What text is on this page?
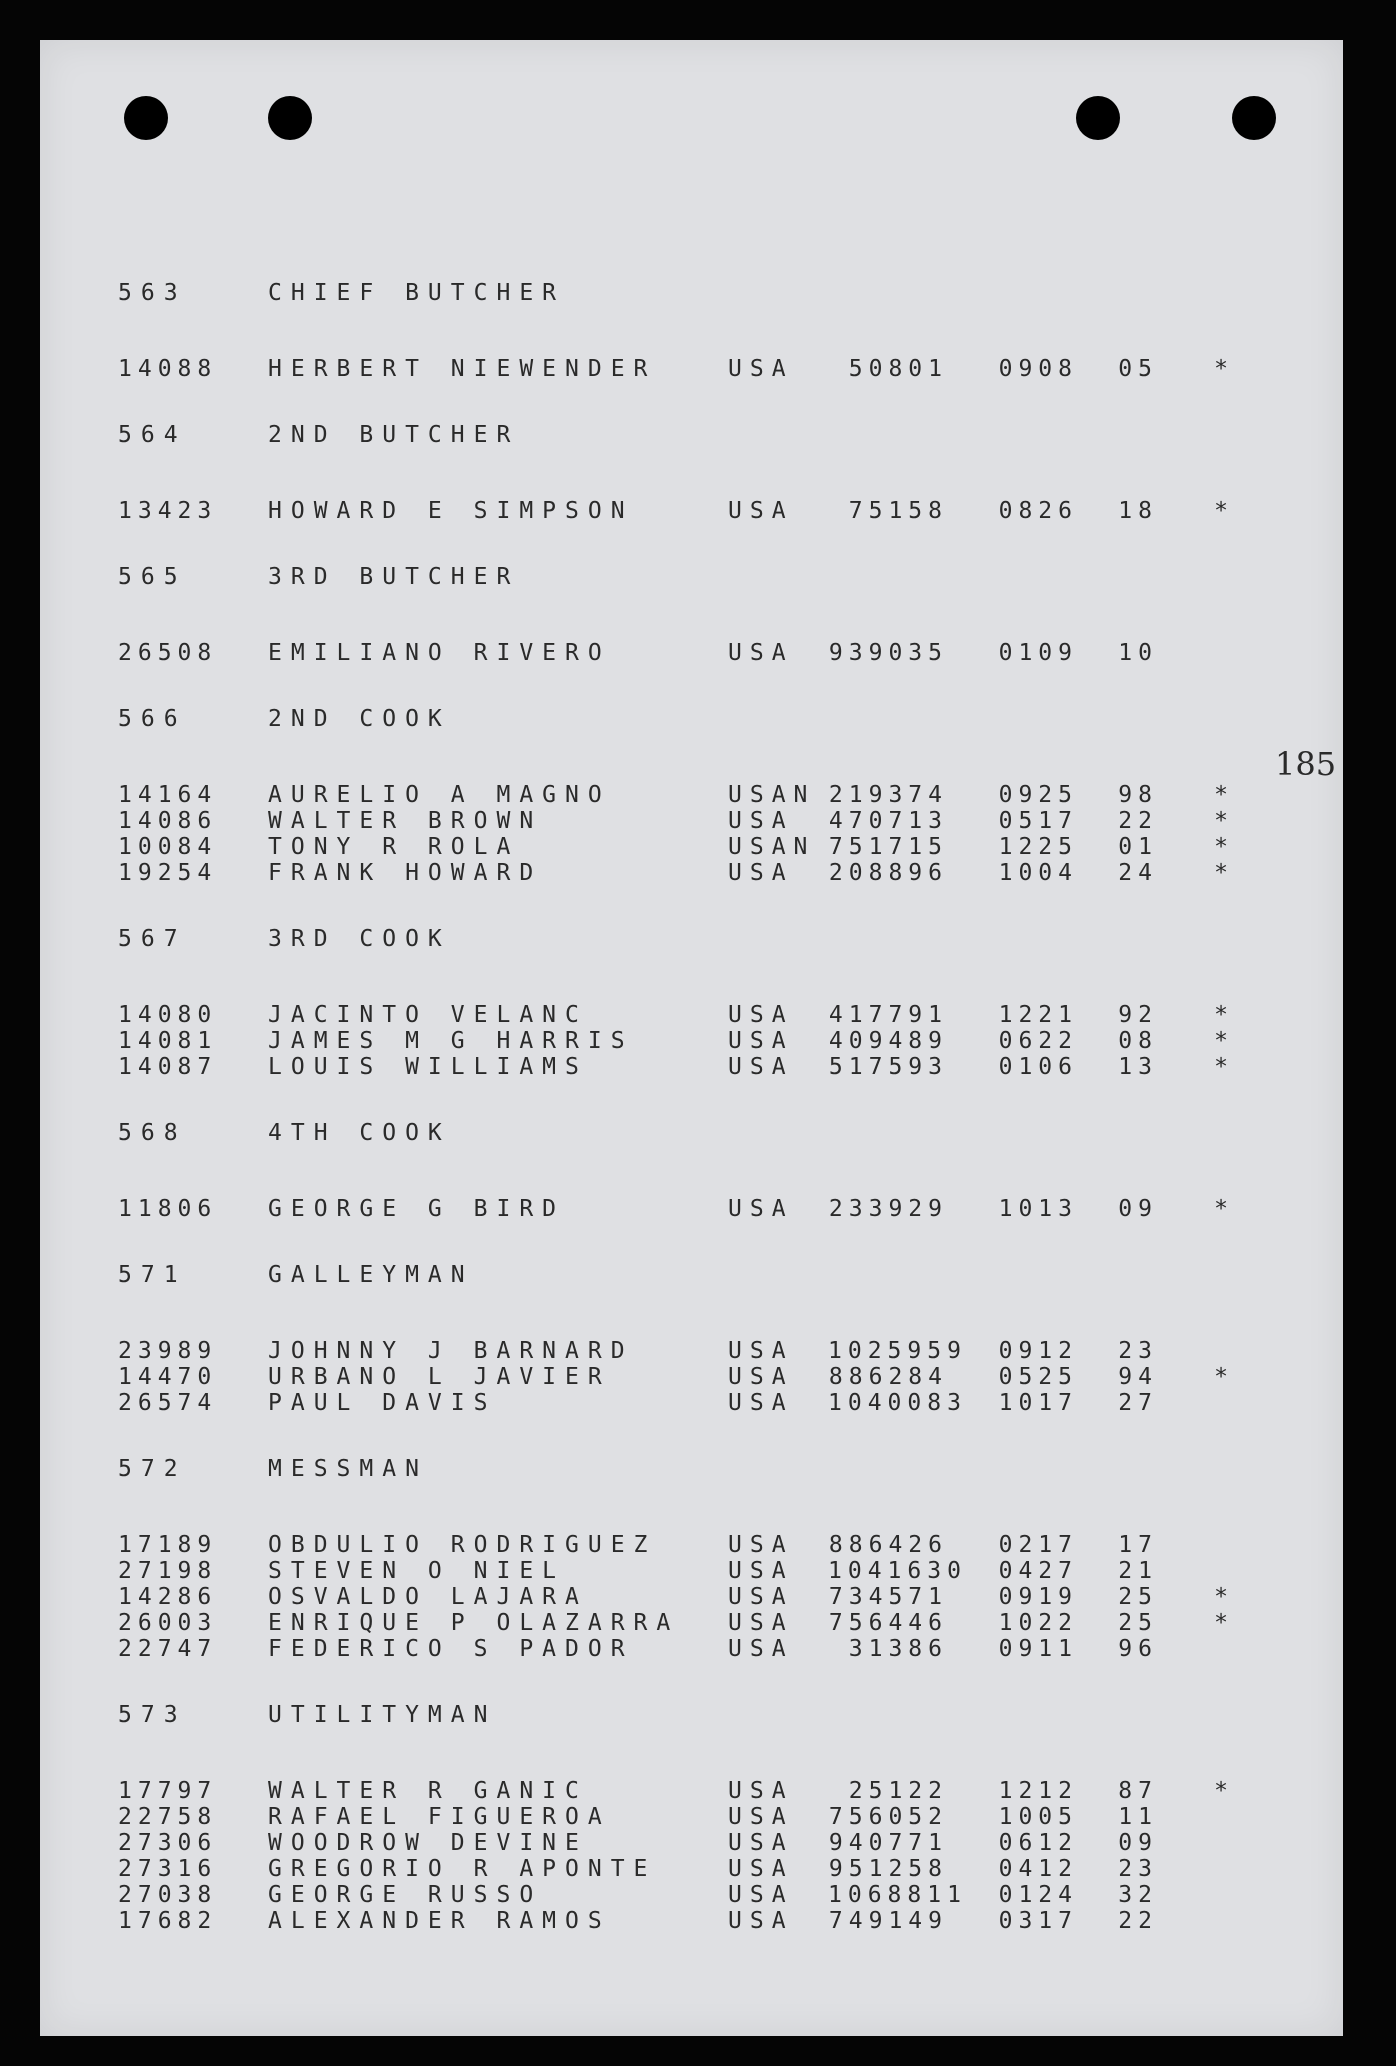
185
563	CHIEF BUTCHER
14088	HERBERT NIEWENDER	USA	50801	0908	05	*
564	2ND BUTCHER
13423	HOWARD E SIMPSON	USA	75158	0826	18	*
565	3RD BUTCHER
26508	EMILIANO RIVERO	USA	939035	0109	10
566	2ND COOK
14164	AURELIO A MAGNO	USAN 219374	0925	98	*
14086	WALTER BROWN	USA	470713	0517	22	*
10084	TONY R ROLA	USAN 751715	1225	01	*
19254	FRANK HOWARD	USA	208896	1004	24	*
567	3RD COOK
14080	JACINTO VELANC	USA	417791	1221	92	*
14081	JAMES M G HARRIS	USA	409489	0622	08	*
14087	LOUIS WILLIAMS	USA	517593	0106	13	*
568	4TH COOK
11806	GEORGE G BIRD	USA	233929	1013	09	*
571	GALLEYMAN
23989	JOHNNY J BARNARD	USA	1025959	0912	23
14470	URBANO L JAVIER	USA	886284	0525	94	*
26574	PAUL DAVIS	USA	1040083	1017	27
572	MESSMAN
17189	OBDULIO RODRIGUEZ	USA	886426	0217	17
27198	STEVEN O NIEL	USA	1041630	0427	21
14286	OSVALDO LAJARA	USA	734571	0919	25	*
26003	ENRIQUE P OLAZARRA	USA	756446	1022	25	*
22747	FEDERICO S PADOR	USA	31386	0911	96
573	UTILITYMAN
17797	WALTER R GANIC	USA	25122	1212	87	*
22758	RAFAEL FIGUEROA	USA	756052	1005	11
27306	WOODROW DEVINE	USA	940771	0612	09
27316	GREGORIO R APONTE	USA	951258	0412	23
27038	GEORGE RUSSO	USA	1068811	0124	32
17682	ALEXANDER RAMOS	USA	749149	0317	22
